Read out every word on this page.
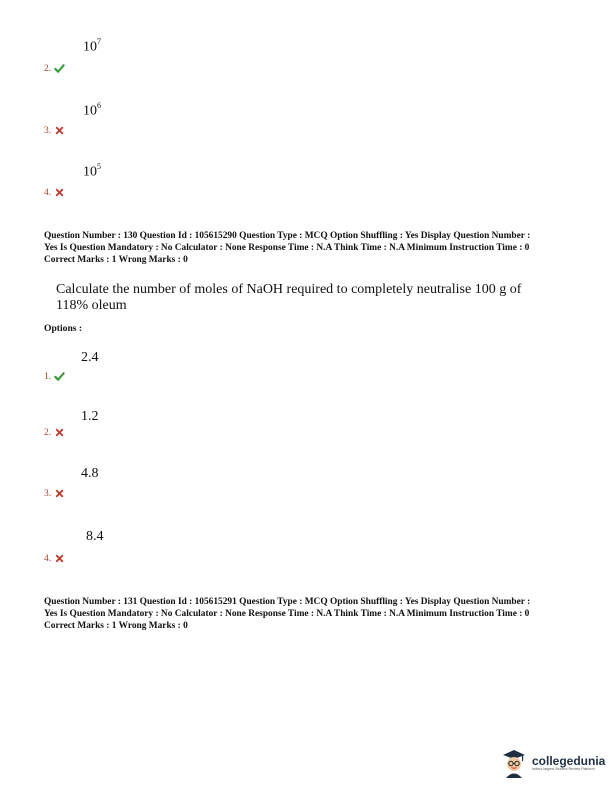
$10^7$
2.
$10^6$
3.
$10^5$
4.
Question Number : 130 Question Id : 105615290 Question Type : MCQ Option Shuffling : Yes Display Question Number :
Yes Is Question Mandatory : No Calculator : None Response Time : N.A Think Time : N.A Minimum Instruction Time : 0
Correct Marks : 1 Wrong Marks : 0
Calculate the number of moles of NaOH required to completely neutralise 100 g of
118% oleum
Options :
2.4
1.
1.2
2.
4.8
3.
8.4
4.
Question Number : 131 Question Id : 105615291 Question Type : MCQ Option Shuffling : Yes Display Question Number :
Yes Is Question Mandatory : No Calculator : None Response Time : N.A Think Time : N.A Minimum Instruction Time : 0
Correct Marks : 1 Wrong Marks : 0
collegedunia
India's largest Student Review Platform
